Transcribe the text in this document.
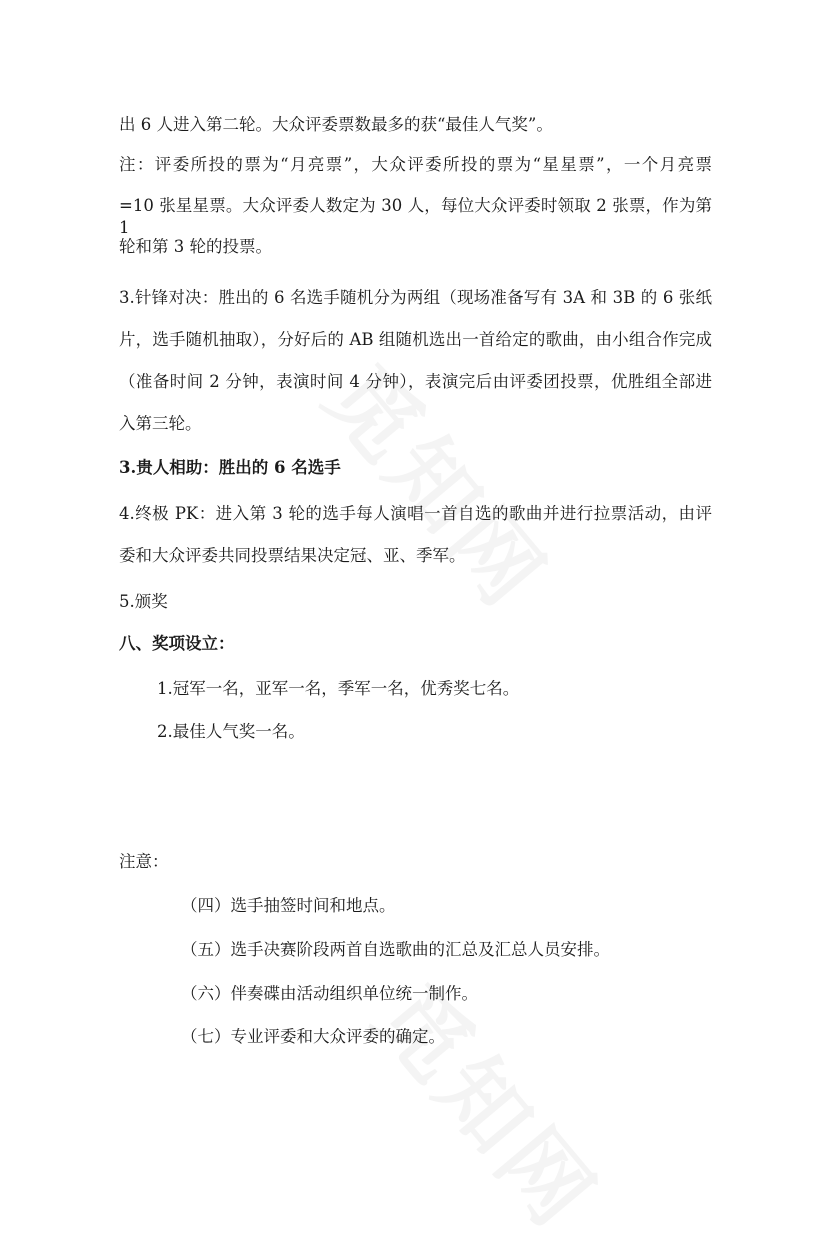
出 6 人进入第二轮。大众评委票数最多的获“最佳人气奖”。
注：评委所投的票为“月亮票”，大众评委所投的票为“星星票”，一个月亮票
=10 张星星票。大众评委人数定为 30 人，每位大众评委时领取 2 张票，作为第 1
轮和第 3 轮的投票。
3.针锋对决：胜出的 6 名选手随机分为两组（现场准备写有 3A 和 3B 的 6 张纸
片，选手随机抽取），分好后的 AB 组随机选出一首给定的歌曲，由小组合作完成
（准备时间 2 分钟，表演时间 4 分钟），表演完后由评委团投票，优胜组全部进
入第三轮。
3.贵人相助：胜出的 6 名选手
4.终极 PK：进入第 3 轮的选手每人演唱一首自选的歌曲并进行拉票活动，由评
委和大众评委共同投票结果决定冠、亚、季军。
5.颁奖
八、奖项设立：
1.冠军一名，亚军一名，季军一名，优秀奖七名。
2.最佳人气奖一名。
注意：
（四）选手抽签时间和地点。
（五）选手决赛阶段两首自选歌曲的汇总及汇总人员安排。
（六）伴奏碟由活动组织单位统一制作。
（七）专业评委和大众评委的确定。
